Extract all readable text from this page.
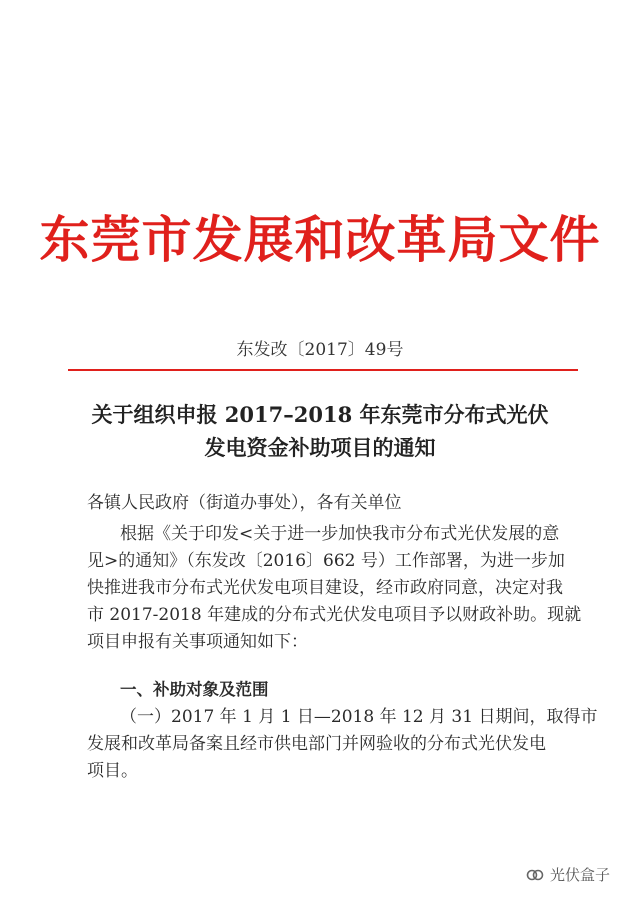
东莞市发展和改革局文件
东发改〔2017〕49号
关于组织申报 2017–2018 年东莞市分布式光伏
发电资金补助项目的通知
各镇人民政府（街道办事处），各有关单位
根据《关于印发<关于进一步加快我市分布式光伏发展的意
见>的通知》（东发改〔2016〕662 号）工作部署，为进一步加
快推进我市分布式光伏发电项目建设，经市政府同意，决定对我
市 2017-2018 年建成的分布式光伏发电项目予以财政补助。现就
项目申报有关事项通知如下：
一、补助对象及范围
（一）2017 年 1 月 1 日—2018 年 12 月 31 日期间，取得市
发展和改革局备案且经市供电部门并网验收的分布式光伏发电
项目。
光伏盒子
